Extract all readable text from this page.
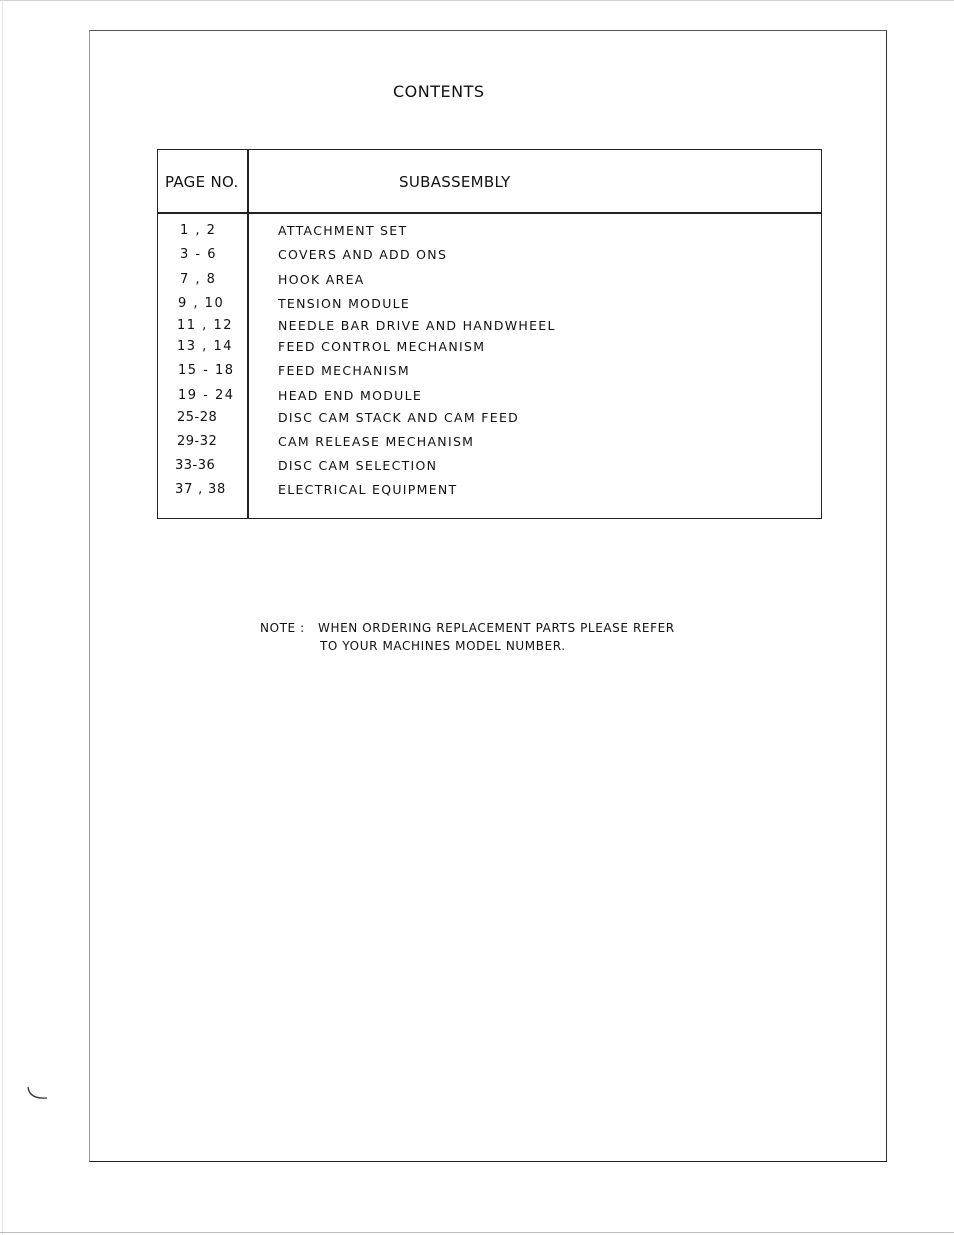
CONTENTS
PAGE NO.	SUBASSEMBLY
1 , 2	ATTACHMENT SET
3 - 6	COVERS AND ADD ONS
7 , 8	HOOK AREA
9 , 10	TENSION MODULE
11 , 12	NEEDLE BAR DRIVE AND HANDWHEEL
13 , 14	FEED CONTROL MECHANISM
15 - 18	FEED MECHANISM
19 - 24	HEAD END MODULE
25-28	DISC CAM STACK AND CAM FEED
29-32	CAM RELEASE MECHANISM
33-36	DISC CAM SELECTION
37 , 38	ELECTRICAL EQUIPMENT
NOTE : WHEN ORDERING REPLACEMENT PARTS PLEASE REFER
TO YOUR MACHINES MODEL NUMBER.
